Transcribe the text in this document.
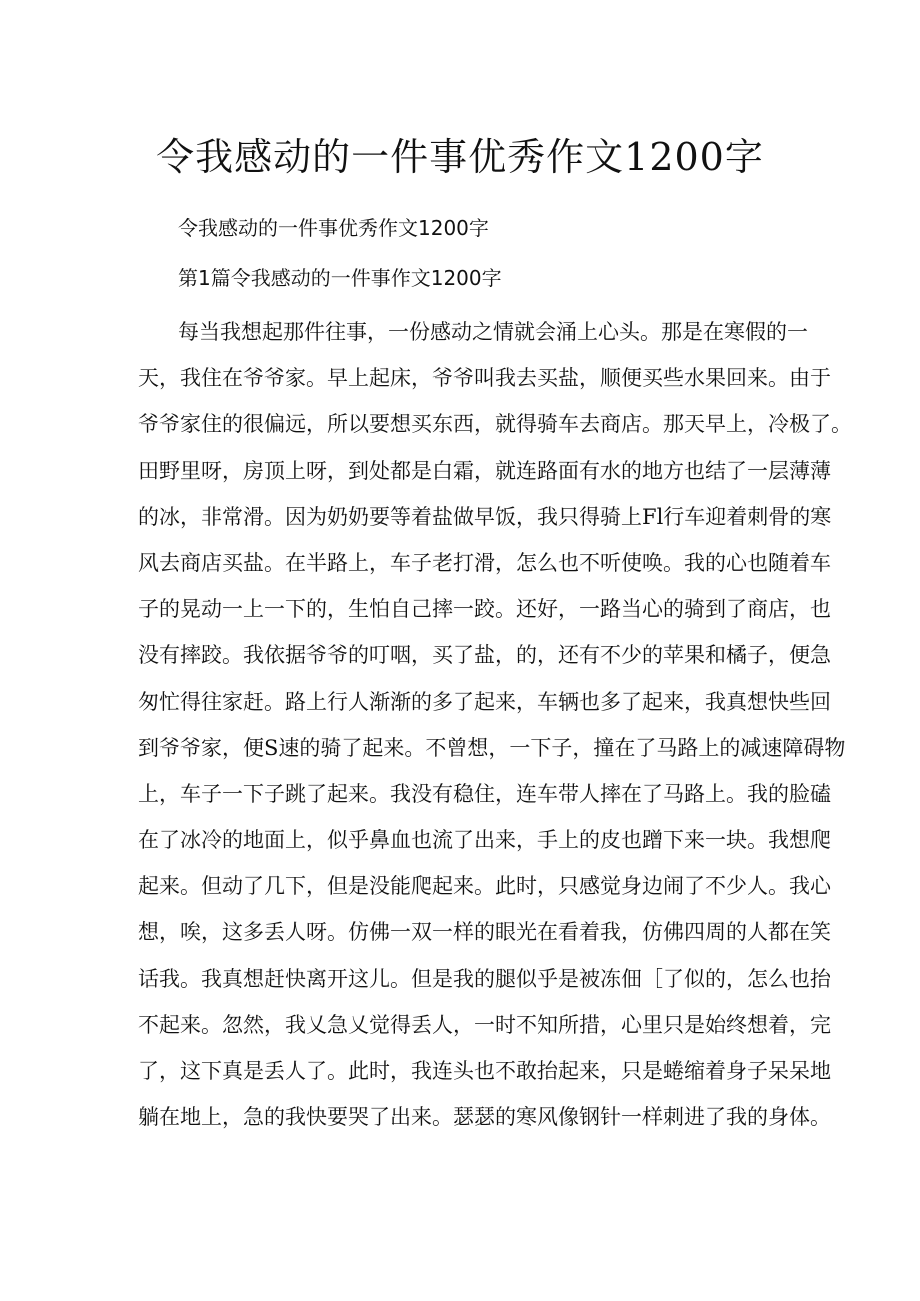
令我感动的一件事优秀作文1200字

令我感动的一件事优秀作文1200字

第1篇令我感动的一件事作文1200字

每当我想起那件往事，一份感动之情就会涌上心头。那是在寒假的一
天，我住在爷爷家。早上起床，爷爷叫我去买盐，顺便买些水果回来。由于
爷爷家住的很偏远，所以要想买东西，就得骑车去商店。那天早上，冷极了。
田野里呀，房顶上呀，到处都是白霜，就连路面有水的地方也结了一层薄薄
的冰，非常滑。因为奶奶要等着盐做早饭，我只得骑上Fl行车迎着刺骨的寒
风去商店买盐。在半路上，车子老打滑，怎么也不听使唤。我的心也随着车
子的晃动一上一下的，生怕自己摔一跤。还好，一路当心的骑到了商店，也
没有摔跤。我依据爷爷的叮咽，买了盐，的，还有不少的苹果和橘子，便急
匆忙得往家赶。路上行人渐渐的多了起来，车辆也多了起来，我真想快些回
到爷爷家，便S速的骑了起来。不曾想，一下子，撞在了马路上的减速障碍物
上，车子一下子跳了起来。我没有稳住，连车带人摔在了马路上。我的脸磕
在了冰冷的地面上，似乎鼻血也流了出来，手上的皮也蹭下来一块。我想爬
起来。但动了几下，但是没能爬起来。此时，只感觉身边闹了不少人。我心
想，唉，这多丢人呀。仿佛一双一样的眼光在看着我，仿佛四周的人都在笑
话我。我真想赶快离开这儿。但是我的腿似乎是被冻佃［了似的，怎么也抬
不起来。忽然，我乂急乂觉得丢人，一时不知所措，心里只是始终想着，完
了，这下真是丢人了。此时，我连头也不敢抬起来，只是蜷缩着身子呆呆地
躺在地上，急的我快要哭了出来。瑟瑟的寒风像钢针一样刺进了我的身体。
